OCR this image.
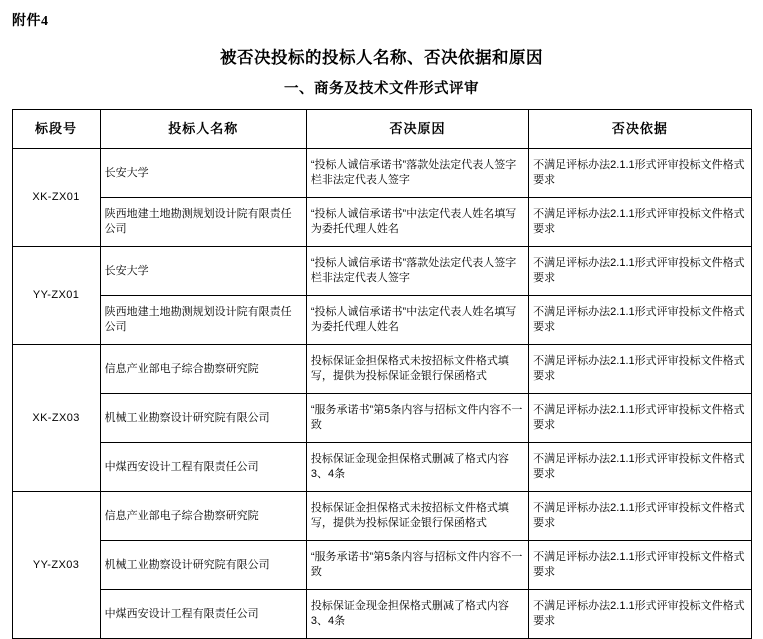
附件4
被否决投标的投标人名称、否决依据和原因
一、商务及技术文件形式评审
标段号	投标人名称	否决原因	否决依据
XK-ZX01	长安大学	“投标人诚信承诺书”落款处法定代表人签字栏非法定代表人签字	不满足评标办法2.1.1形式评审投标文件格式要求
	陕西地建土地勘测规划设计院有限责任公司	“投标人诚信承诺书”中法定代表人姓名填写为委托代理人姓名	不满足评标办法2.1.1形式评审投标文件格式要求
YY-ZX01	长安大学	“投标人诚信承诺书”落款处法定代表人签字栏非法定代表人签字	不满足评标办法2.1.1形式评审投标文件格式要求
	陕西地建土地勘测规划设计院有限责任公司	“投标人诚信承诺书”中法定代表人姓名填写为委托代理人姓名	不满足评标办法2.1.1形式评审投标文件格式要求
XK-ZX03	信息产业部电子综合勘察研究院	投标保证金担保格式未按招标文件格式填写，提供为投标保证金银行保函格式	不满足评标办法2.1.1形式评审投标文件格式要求
	机械工业勘察设计研究院有限公司	“服务承诺书”第5条内容与招标文件内容不一致	不满足评标办法2.1.1形式评审投标文件格式要求
	中煤西安设计工程有限责任公司	投标保证金现金担保格式删减了格式内容3、4条	不满足评标办法2.1.1形式评审投标文件格式要求
YY-ZX03	信息产业部电子综合勘察研究院	投标保证金担保格式未按招标文件格式填写，提供为投标保证金银行保函格式	不满足评标办法2.1.1形式评审投标文件格式要求
	机械工业勘察设计研究院有限公司	“服务承诺书”第5条内容与招标文件内容不一致	不满足评标办法2.1.1形式评审投标文件格式要求
	中煤西安设计工程有限责任公司	投标保证金现金担保格式删减了格式内容3、4条	不满足评标办法2.1.1形式评审投标文件格式要求
